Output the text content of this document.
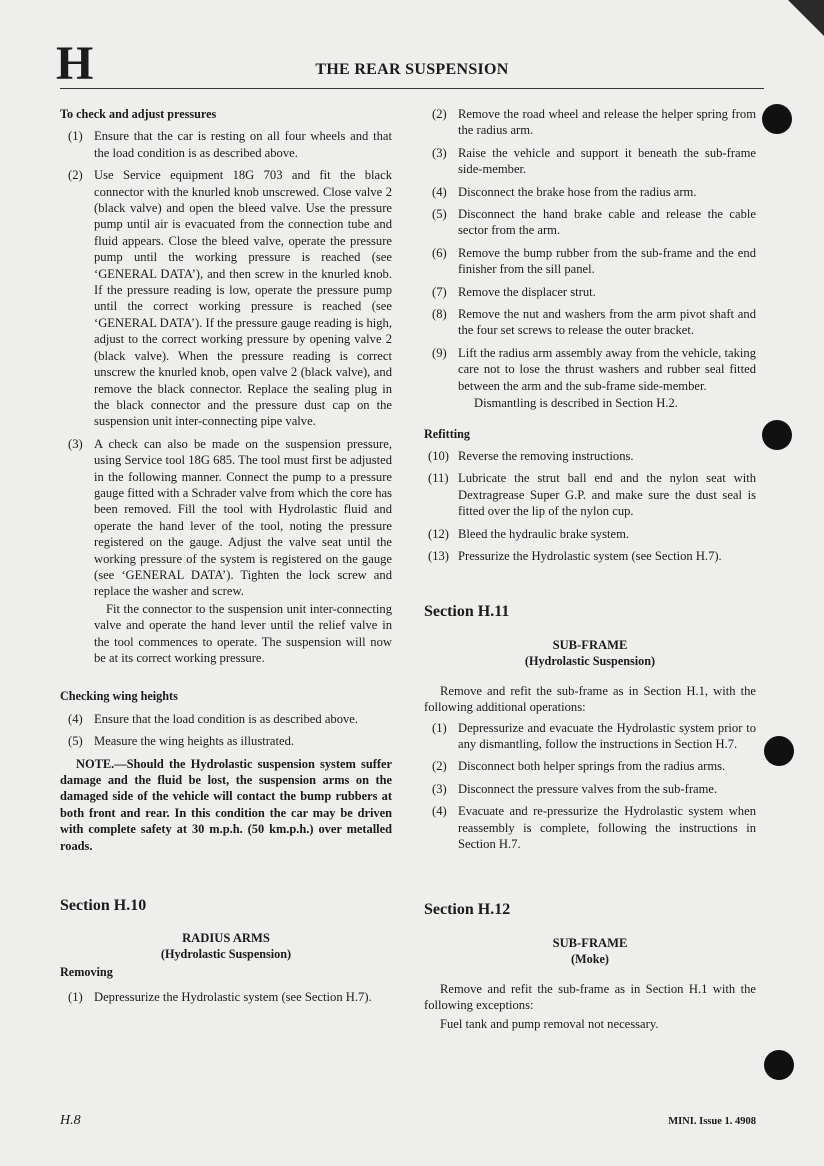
H	THE REAR SUSPENSION
To check and adjust pressures
(1) Ensure that the car is resting on all four wheels and that the load condition is as described above.
(2) Use Service equipment 18G 703 and fit the black connector with the knurled knob unscrewed. Close valve 2 (black valve) and open the bleed valve. Use the pressure pump until air is evacuated from the connection tube and fluid appears. Close the bleed valve, operate the pressure pump until the working pressure is reached (see ‘GENERAL DATA’), and then screw in the knurled knob. If the pressure reading is low, operate the pressure pump until the correct working pressure is reached (see ‘GENERAL DATA’). If the pressure gauge reading is high, adjust to the correct working pressure by opening valve 2 (black valve). When the pressure reading is correct unscrew the knurled knob, open valve 2 (black valve), and remove the black connector. Replace the sealing plug in the black connector and the pressure dust cap on the suspension unit inter-connecting pipe valve.
(3) A check can also be made on the suspension pressure, using Service tool 18G 685. The tool must first be adjusted in the following manner. Connect the pump to a pressure gauge fitted with a Schrader valve from which the core has been removed. Fill the tool with Hydrolastic fluid and operate the hand lever of the tool, noting the pressure registered on the gauge. Adjust the valve seat until the working pressure of the system is registered on the gauge (see ‘GENERAL DATA’). Tighten the lock screw and replace the washer and screw.
Fit the connector to the suspension unit inter-connecting valve and operate the hand lever until the relief valve in the tool commences to operate. The suspension will now be at its correct working pressure.
Checking wing heights
(4) Ensure that the load condition is as described above.
(5) Measure the wing heights as illustrated.
NOTE.—Should the Hydrolastic suspension system suffer damage and the fluid be lost, the suspension arms on the damaged side of the vehicle will contact the bump rubbers at both front and rear. In this condition the car may be driven with complete safety at 30 m.p.h. (50 km.p.h.) over metalled roads.
Section H.10
RADIUS ARMS
(Hydrolastic Suspension)
Removing
(1) Depressurize the Hydrolastic system (see Section H.7).
(2) Remove the road wheel and release the helper spring from the radius arm.
(3) Raise the vehicle and support it beneath the sub-frame side-member.
(4) Disconnect the brake hose from the radius arm.
(5) Disconnect the hand brake cable and release the cable sector from the arm.
(6) Remove the bump rubber from the sub-frame and the end finisher from the sill panel.
(7) Remove the displacer strut.
(8) Remove the nut and washers from the arm pivot shaft and the four set screws to release the outer bracket.
(9) Lift the radius arm assembly away from the vehicle, taking care not to lose the thrust washers and rubber seal fitted between the arm and the sub-frame side-member.
Dismantling is described in Section H.2.
Refitting
(10) Reverse the removing instructions.
(11) Lubricate the strut ball end and the nylon seat with Dextragrease Super G.P. and make sure the dust seal is fitted over the lip of the nylon cup.
(12) Bleed the hydraulic brake system.
(13) Pressurize the Hydrolastic system (see Section H.7).
Section H.11
SUB-FRAME
(Hydrolastic Suspension)
Remove and refit the sub-frame as in Section H.1, with the following additional operations:
(1) Depressurize and evacuate the Hydrolastic system prior to any dismantling, follow the instructions in Section H.7.
(2) Disconnect both helper springs from the radius arms.
(3) Disconnect the pressure valves from the sub-frame.
(4) Evacuate and re-pressurize the Hydrolastic system when reassembly is complete, following the instructions in Section H.7.
Section H.12
SUB-FRAME
(Moke)
Remove and refit the sub-frame as in Section H.1 with the following exceptions:
Fuel tank and pump removal not necessary.
H.8	MINI. Issue 1. 4908
